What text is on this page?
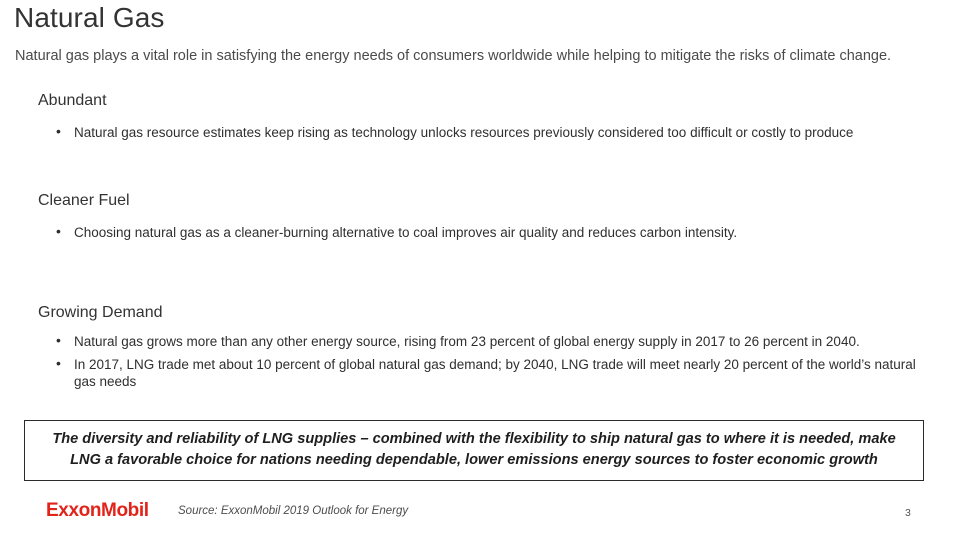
Natural Gas
Natural gas plays a vital role in satisfying the energy needs of consumers worldwide while helping to mitigate the risks of climate change.
Abundant
• Natural gas resource estimates keep rising as technology unlocks resources previously considered too difficult or costly to produce
Cleaner Fuel
• Choosing natural gas as a cleaner-burning alternative to coal improves air quality and reduces carbon intensity.
Growing Demand
• Natural gas grows more than any other energy source, rising from 23 percent of global energy supply in 2017 to 26 percent in 2040.
• In 2017, LNG trade met about 10 percent of global natural gas demand; by 2040, LNG trade will meet nearly 20 percent of the world’s natural gas needs
The diversity and reliability of LNG supplies – combined with the flexibility to ship natural gas to where it is needed, make LNG a favorable choice for nations needing dependable, lower emissions energy sources to foster economic growth
ExxonMobil	Source: ExxonMobil 2019 Outlook for Energy	3
